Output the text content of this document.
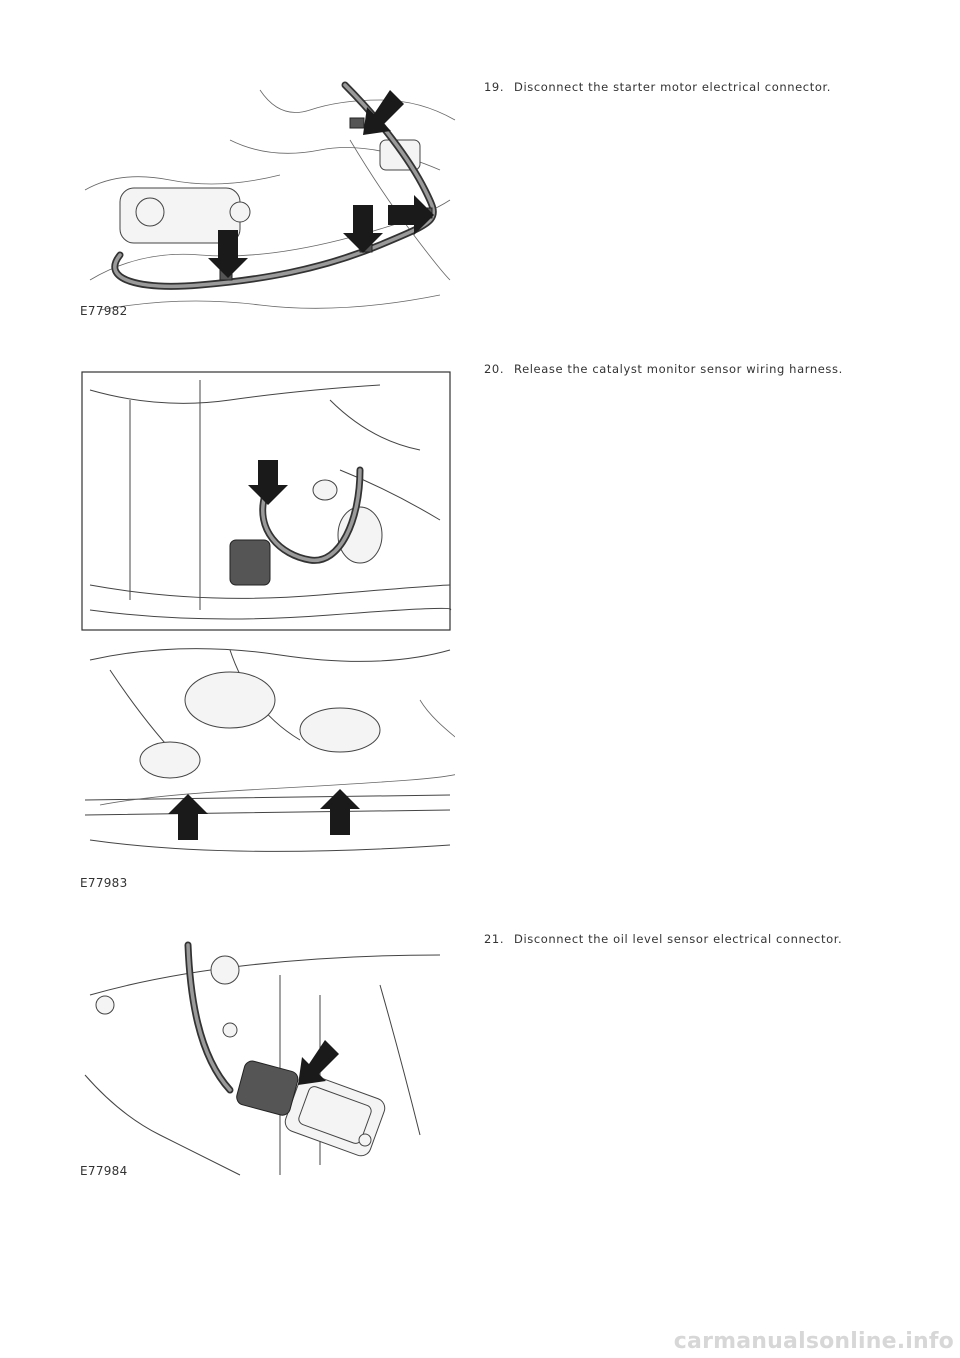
E77982
19. Disconnect the starter motor electrical connector.
E77983
20. Release the catalyst monitor sensor wiring harness.
E77984
21. Disconnect the oil level sensor electrical connector.
carmanualsonline.info
